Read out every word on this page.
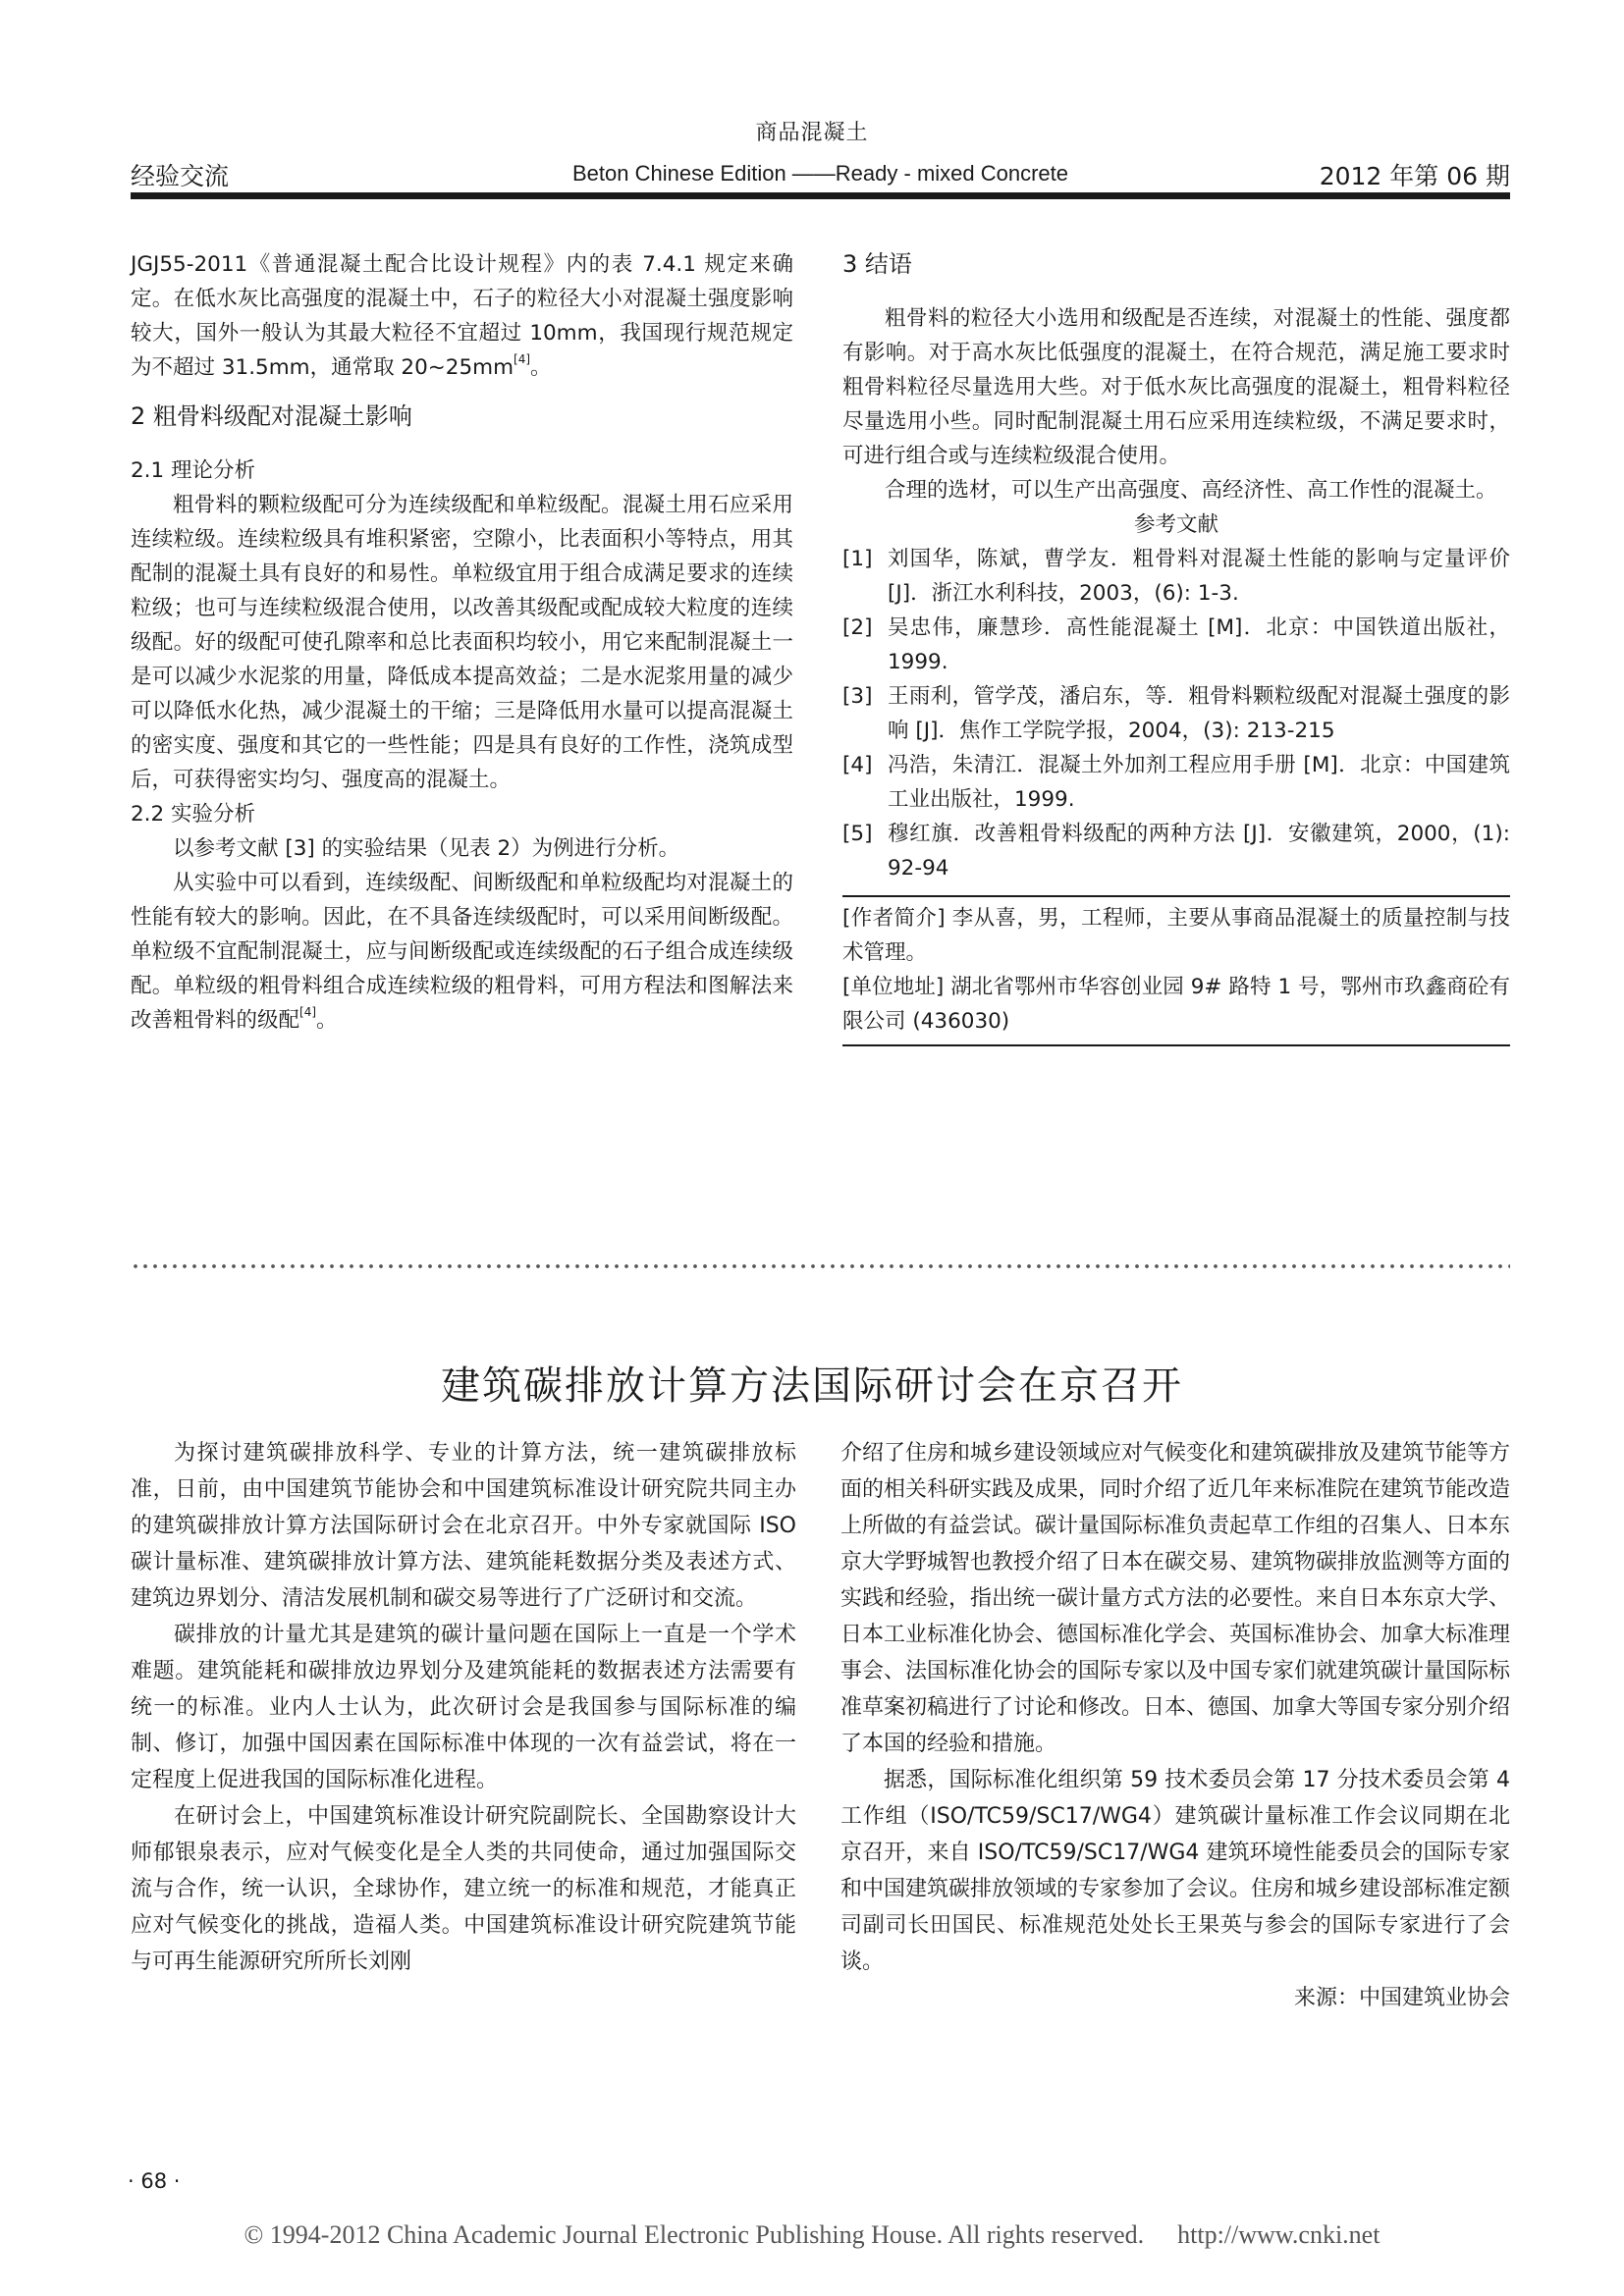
商品混凝土
经验交流	Beton Chinese Edition ——Ready - mixed Concrete	2012 年第 06 期

JGJ55-2011《普通混凝土配合比设计规程》内的表 7.4.1 规定来确定。在低水灰比高强度的混凝土中，石子的粒径大小对混凝土强度影响较大，国外一般认为其最大粒径不宜超过 10mm，我国现行规范规定为不超过 31.5mm，通常取 20~25mm[4]。

2 粗骨料级配对混凝土影响

2.1 理论分析

粗骨料的颗粒级配可分为连续级配和单粒级配。混凝土用石应采用连续粒级。连续粒级具有堆积紧密，空隙小，比表面积小等特点，用其配制的混凝土具有良好的和易性。单粒级宜用于组合成满足要求的连续粒级；也可与连续粒级混合使用，以改善其级配或配成较大粒度的连续级配。好的级配可使孔隙率和总比表面积均较小，用它来配制混凝土一是可以减少水泥浆的用量，降低成本提高效益；二是水泥浆用量的减少可以降低水化热，减少混凝土的干缩；三是降低用水量可以提高混凝土的密实度、强度和其它的一些性能；四是具有良好的工作性，浇筑成型后，可获得密实均匀、强度高的混凝土。

2.2 实验分析

以参考文献 [3] 的实验结果（见表 2）为例进行分析。

从实验中可以看到，连续级配、间断级配和单粒级配均对混凝土的性能有较大的影响。因此，在不具备连续级配时，可以采用间断级配。单粒级不宜配制混凝土，应与间断级配或连续级配的石子组合成连续级配。单粒级的粗骨料组合成连续粒级的粗骨料，可用方程法和图解法来改善粗骨料的级配[4]。

3 结语

粗骨料的粒径大小选用和级配是否连续，对混凝土的性能、强度都有影响。对于高水灰比低强度的混凝土，在符合规范，满足施工要求时粗骨料粒径尽量选用大些。对于低水灰比高强度的混凝土，粗骨料粒径尽量选用小些。同时配制混凝土用石应采用连续粒级，不满足要求时，可进行组合或与连续粒级混合使用。

合理的选材，可以生产出高强度、高经济性、高工作性的混凝土。

参考文献

[1] 刘国华，陈斌，曹学友．粗骨料对混凝土性能的影响与定量评价 [J]．浙江水利科技，2003，(6): 1-3.
[2] 吴忠伟，廉慧珍．高性能混凝土 [M]．北京：中国铁道出版社，1999.
[3] 王雨利，管学茂，潘启东，等．粗骨料颗粒级配对混凝土强度的影响 [J]．焦作工学院学报，2004，(3): 213-215
[4] 冯浩，朱清江．混凝土外加剂工程应用手册 [M]．北京：中国建筑工业出版社，1999.
[5] 穆红旗．改善粗骨料级配的两种方法 [J]．安徽建筑，2000，(1): 92-94

[作者简介] 李从喜，男，工程师，主要从事商品混凝土的质量控制与技术管理。

[单位地址] 湖北省鄂州市华容创业园 9# 路特 1 号，鄂州市玖鑫商砼有限公司 (436030)

建筑碳排放计算方法国际研讨会在京召开

为探讨建筑碳排放科学、专业的计算方法，统一建筑碳排放标准，日前，由中国建筑节能协会和中国建筑标准设计研究院共同主办的建筑碳排放计算方法国际研讨会在北京召开。中外专家就国际 ISO 碳计量标准、建筑碳排放计算方法、建筑能耗数据分类及表述方式、建筑边界划分、清洁发展机制和碳交易等进行了广泛研讨和交流。

碳排放的计量尤其是建筑的碳计量问题在国际上一直是一个学术难题。建筑能耗和碳排放边界划分及建筑能耗的数据表述方法需要有统一的标准。业内人士认为，此次研讨会是我国参与国际标准的编制、修订，加强中国因素在国际标准中体现的一次有益尝试，将在一定程度上促进我国的国际标准化进程。

在研讨会上，中国建筑标准设计研究院副院长、全国勘察设计大师郁银泉表示，应对气候变化是全人类的共同使命，通过加强国际交流与合作，统一认识，全球协作，建立统一的标准和规范，才能真正应对气候变化的挑战，造福人类。中国建筑标准设计研究院建筑节能与可再生能源研究所所长刘刚

介绍了住房和城乡建设领域应对气候变化和建筑碳排放及建筑节能等方面的相关科研实践及成果，同时介绍了近几年来标准院在建筑节能改造上所做的有益尝试。碳计量国际标准负责起草工作组的召集人、日本东京大学野城智也教授介绍了日本在碳交易、建筑物碳排放监测等方面的实践和经验，指出统一碳计量方式方法的必要性。来自日本东京大学、日本工业标准化协会、德国标准化学会、英国标准协会、加拿大标准理事会、法国标准化协会的国际专家以及中国专家们就建筑碳计量国际标准草案初稿进行了讨论和修改。日本、德国、加拿大等国专家分别介绍了本国的经验和措施。

据悉，国际标准化组织第 59 技术委员会第 17 分技术委员会第 4 工作组（ISO/TC59/SC17/WG4）建筑碳计量标准工作会议同期在北京召开，来自 ISO/TC59/SC17/WG4 建筑环境性能委员会的国际专家和中国建筑碳排放领域的专家参加了会议。住房和城乡建设部标准定额司副司长田国民、标准规范处处长王果英与参会的国际专家进行了会谈。

来源：中国建筑业协会

· 68 ·
© 1994-2012 China Academic Journal Electronic Publishing House. All rights reserved. http://www.cnki.net
